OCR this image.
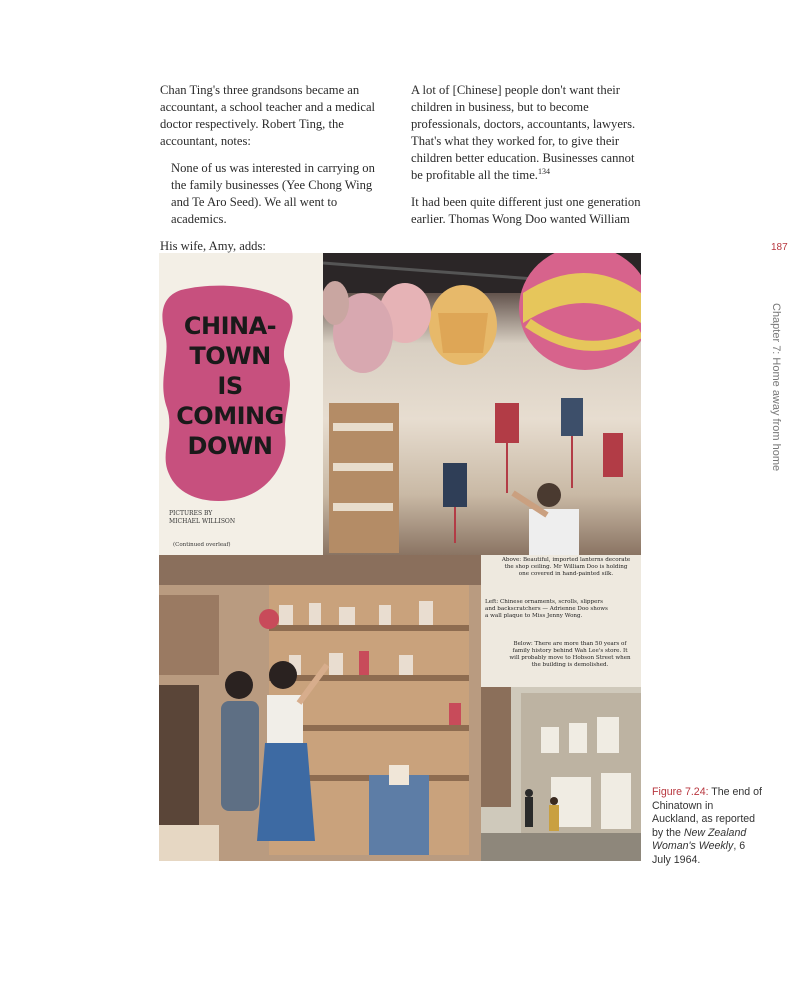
Chan Ting's three grandsons became an accountant, a school teacher and a medical doctor respectively. Robert Ting, the accountant, notes:

None of us was interested in carrying on the family businesses (Yee Chong Wing and Te Aro Seed). We all went to academics.

His wife, Amy, adds:

A lot of [Chinese] people don't want their children in business, but to become professionals, doctors, accountants, lawyers. That's what they worked for, to give their children better education. Businesses cannot be profitable all the time.$^{134}$

It had been quite different just one generation earlier. Thomas Wong Doo wanted William

187
Chapter 7: Home away from home
CHINA-
TOWN
IS
COMING
DOWN
PICTURES BY
MICHAEL WILLISON
(Continued overleaf)
Above: Beautiful, imported lanterns decorate the shop ceiling. Mr William Doo is holding one covered in hand-painted silk.
Left: Chinese ornaments, scrolls, slippers and backscratchers — Adrienne Doo shows a wall plaque to Miss Jenny Wong.
Below: There are more than 50 years of family history behind Wah Lee's store. It will probably move to Hobson Street when the building is demolished.
Figure 7.24: The end of Chinatown in Auckland, as reported by the New Zealand Woman's Weekly, 6 July 1964.
